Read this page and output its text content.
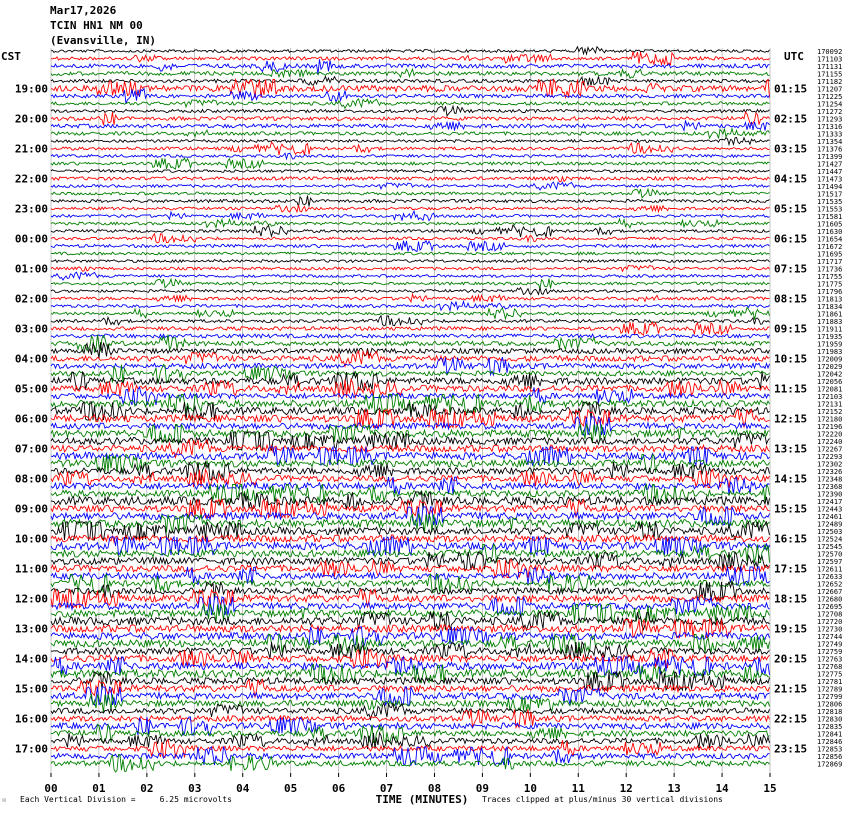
Mar17,2026
TCIN HN1 NM 00
(Evansville, IN)
CST	UTC
19:00
20:00
21:00
22:00
23:00
00:00
01:00
02:00
03:00
04:00
05:00
06:00
07:00
08:00
09:00
10:00
11:00
12:00
13:00
14:00
15:00
16:00
17:00
01:15
02:15
03:15
04:15
05:15
06:15
07:15
08:15
09:15
10:15
11:15
12:15
13:15
14:15
15:15
16:15
17:15
18:15
19:15
20:15
21:15
22:15
23:15
170092
171103
171131
171155
171182
171207
171225
171254
171272
171293
171316
171333
171354
171376
171399
171427
171447
171473
171494
171517
171535
171553
171581
171605
171630
171654
171672
171695
171717
171736
171755
171775
171796
171813
171834
171861
171883
171911
171935
171959
171983
172009
172029
172042
172056
172081
172103
172131
172152
172180
172196
172220
172240
172267
172293
172302
172326
172348
172368
172390
172417
172443
172461
172489
172503
172524
172545
172570
172597
172611
172633
172652
172667
172680
172695
172708
172720
172730
172744
172749
172759
172763
172768
172775
172781
172789
172799
172806
172818
172830
172835
172841
172846
172853
172856
172869
00	01	02	03	04	05	06	07	08	09	10	11	12	13	14	15
TIME (MINUTES)
☉ Each Vertical Division =     6.25 microvolts	Traces clipped at plus/minus 30 vertical divisions
